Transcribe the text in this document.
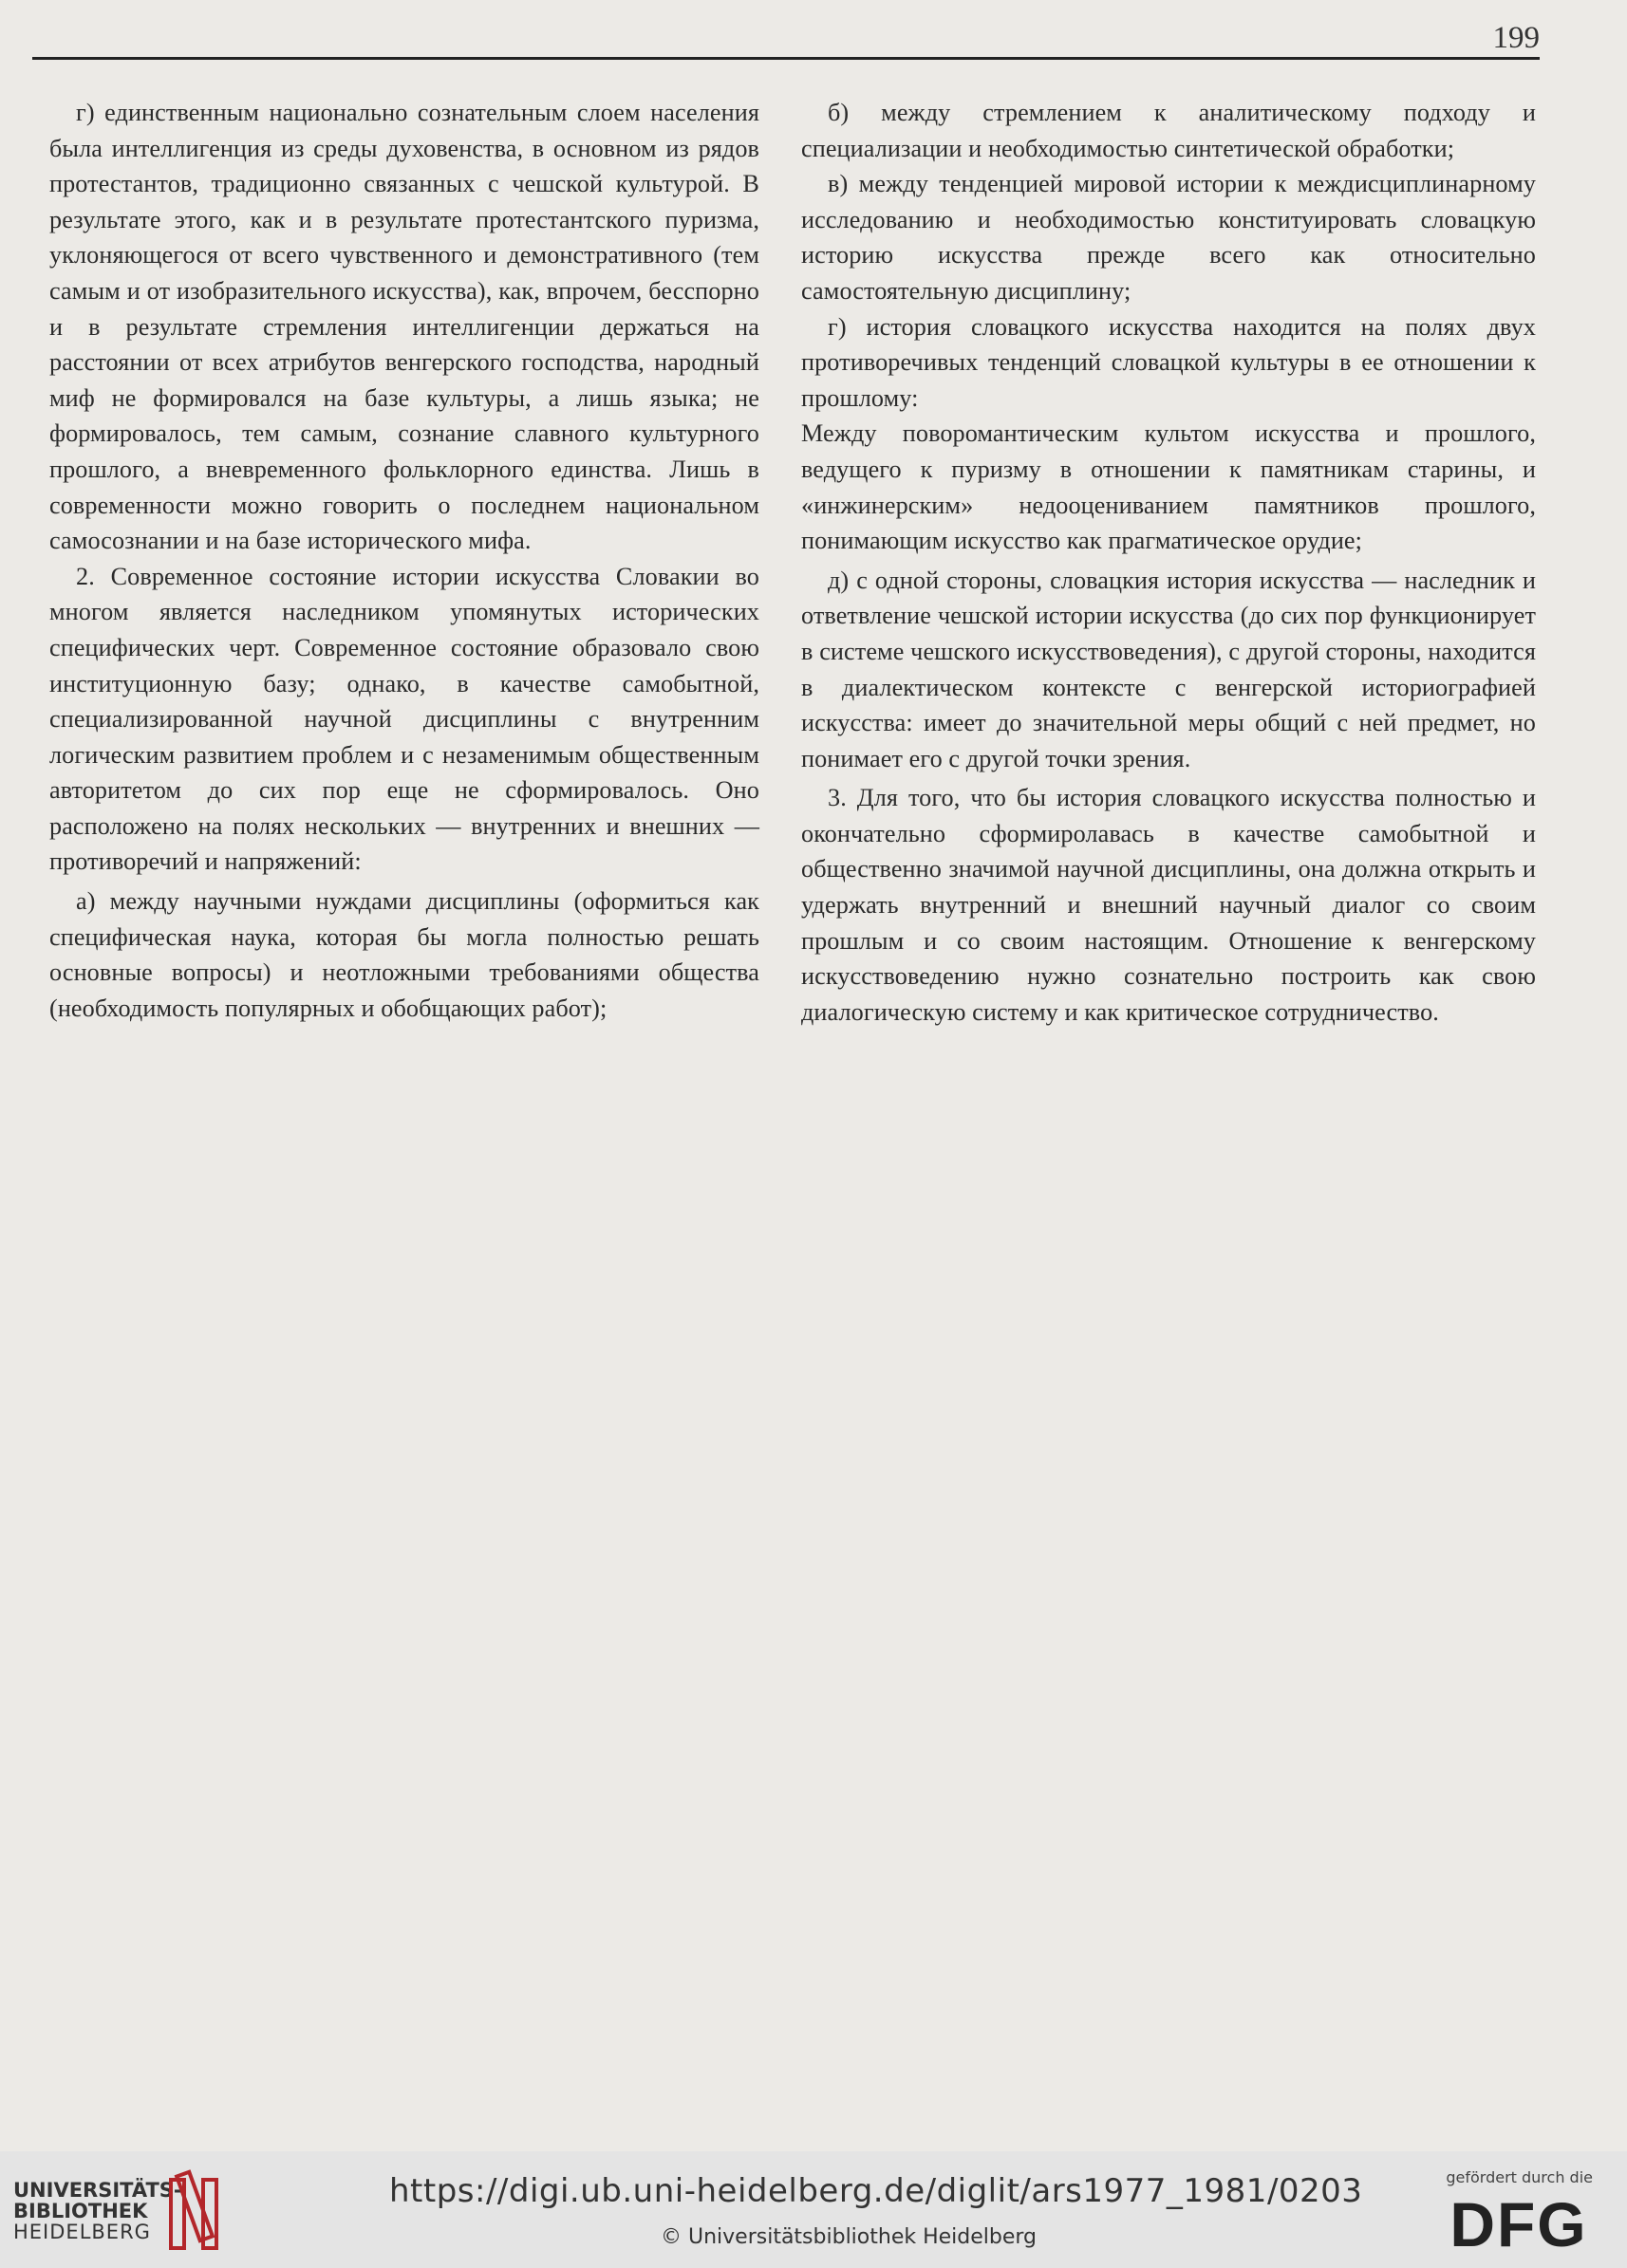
199

г) единственным национально сознательным слоем населения была интеллигенция из среды духовенства, в основном из рядов протестантов, традиционно связанных с чешской культурой. В результате этого, как и в результате протестантского пуризма, уклоняющегося от всего чувственного и демонстративного (тем самым и от изобразительного искусства), как, впрочем, бесспорно и в результате стремления интеллигенции держаться на расстоянии от всех атрибутов венгерского господства, народный миф не формировался на базе культуры, а лишь языка; не формировалось, тем самым, сознание славного культурного прошлого, а вневременного фольклорного единства. Лишь в современности можно говорить о последнем национальном самосознании и на базе исторического мифа.

2. Современное состояние истории искусства Словакии во многом является наследником упомянутых исторических специфических черт. Современное состояние образовало свою институционную базу; однако, в качестве самобытной, специализированной научной дисциплины с внутренним логическим развитием проблем и с незаменимым общественным авторитетом до сих пор еще не сформировалось. Оно расположено на полях нескольких — внутренних и внешних — противоречий и напряжений:

а) между научными нуждами дисциплины (оформиться как специфическая наука, которая бы могла полностью решать основные вопросы) и неотложными требованиями общества (необходимость популярных и обобщающих работ);

б) между стремлением к аналитическому подходу и специализации и необходимостью синтетической обработки;

в) между тенденцией мировой истории к междисциплинарному исследованию и необходимостью конституировать словацкую историю искусства прежде всего как относительно самостоятельную дисциплину;

г) история словацкого искусства находится на полях двух противоречивых тенденций словацкой культуры в ее отношении к прошлому:

Между поворомантическим культом искусства и прошлого, ведущего к пуризму в отношении к памятникам старины, и «инжинерским» недооцениванием памятников прошлого, понимающим искусство как прагматическое орудие;

д) с одной стороны, словацкия история искусства — наследник и ответвление чешской истории искусства (до сих пор функционирует в системе чешского искусствоведения), с другой стороны, находится в диалектическом контексте с венгерской историографией искусства: имеет до значительной меры общий с ней предмет, но понимает его с другой точки зрения.

3. Для того, что бы история словацкого искусства полностью и окончательно сформиролавась в качестве самобытной и общественно значимой научной дисциплины, она должна открыть и удержать внутренний и внешний научный диалог со своим прошлым и со своим настоящим. Отношение к венгерскому искусствоведению нужно сознательно построить как свою диалогическую систему и как критическое сотрудничество.

UNIVERSITÄTS-
BIBLIOTHEK
HEIDELBERG
https://digi.ub.uni-heidelberg.de/diglit/ars1977_1981/0203
© Universitätsbibliothek Heidelberg
gefördert durch die
DFG
